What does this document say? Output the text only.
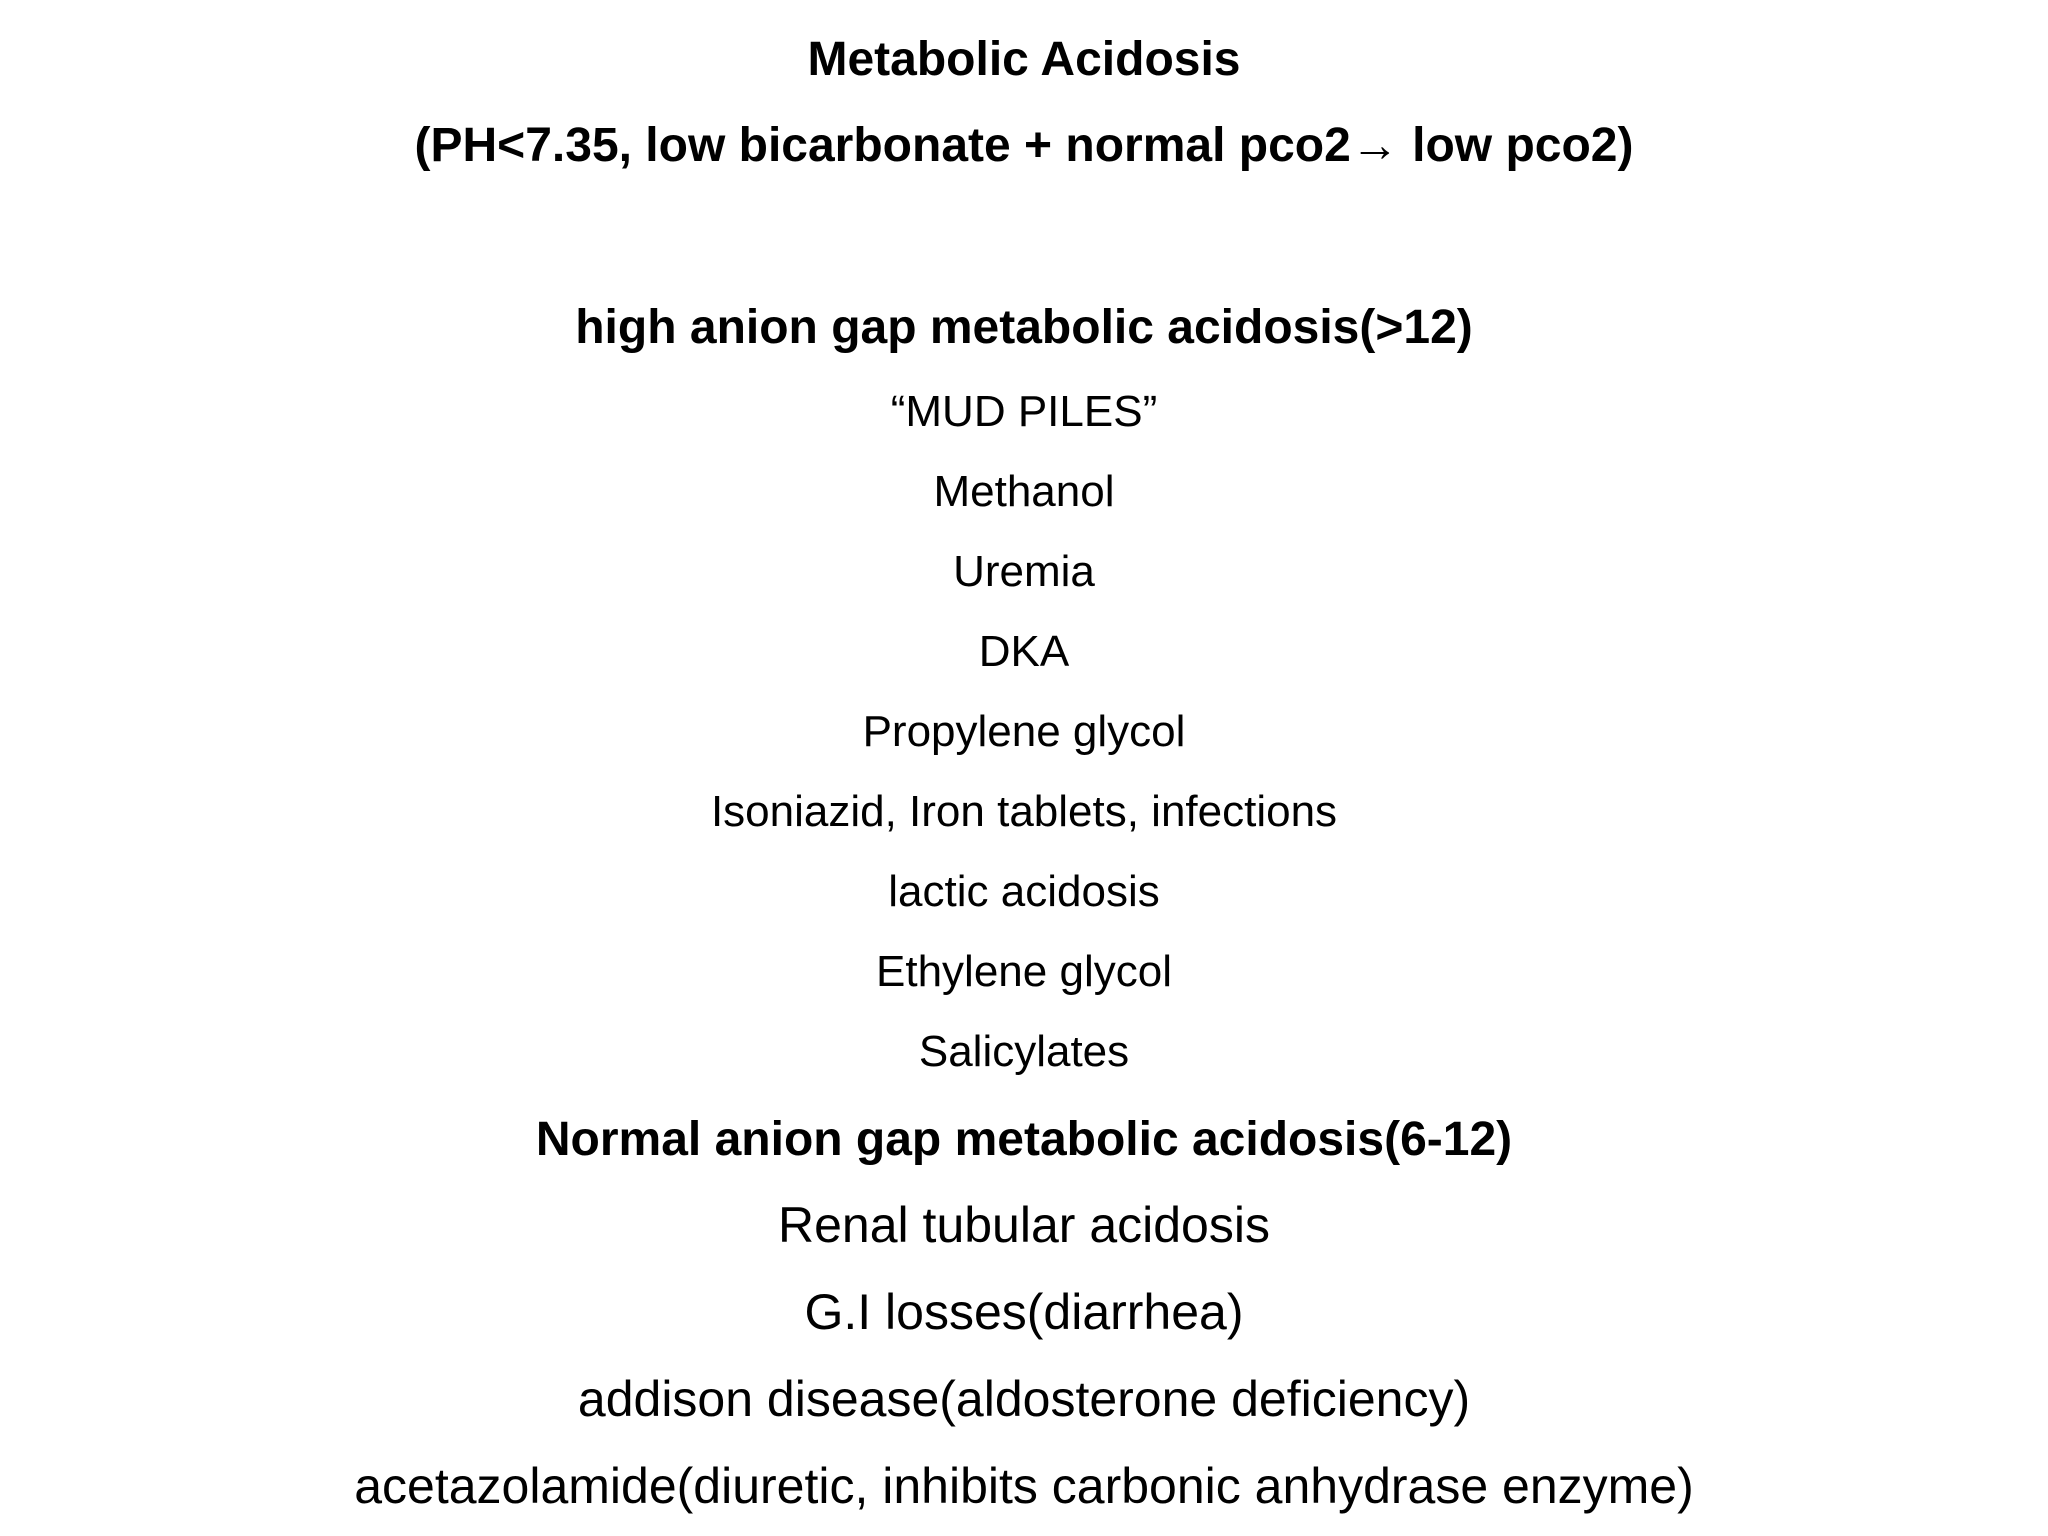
Metabolic Acidosis
(PH<7.35, low bicarbonate + normal pco2→ low pco2)
high anion gap metabolic acidosis(>12)
“MUD PILES”
Methanol
Uremia
DKA
Propylene glycol
Isoniazid, Iron tablets, infections
lactic acidosis
Ethylene glycol
Salicylates
Normal anion gap metabolic acidosis(6-12)
Renal tubular acidosis
G.I losses(diarrhea)
addison disease(aldosterone deficiency)
acetazolamide(diuretic, inhibits carbonic anhydrase enzyme)
